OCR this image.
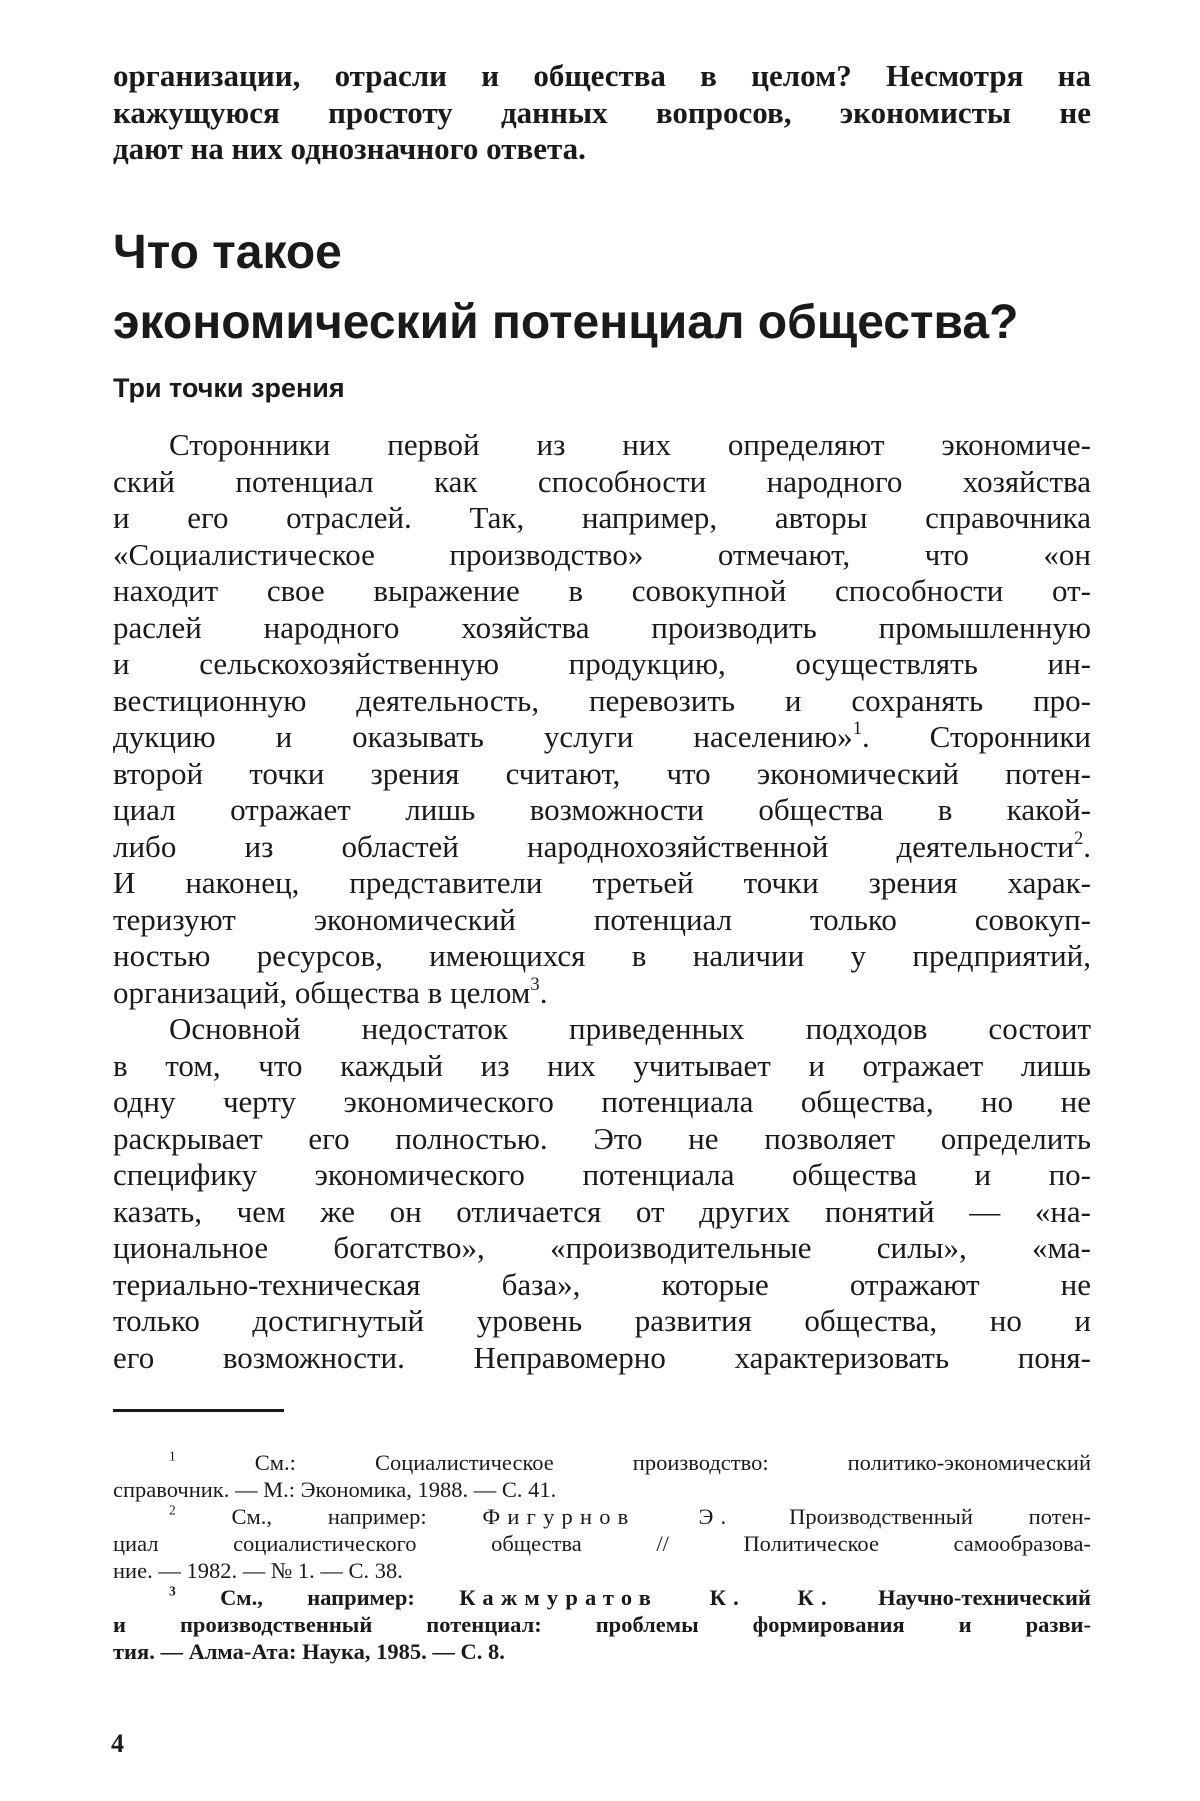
организации, отрасли и общества в целом? Несмотря на
кажущуюся простоту данных вопросов, экономисты не
дают на них однозначного ответа.
Что такое
экономический потенциал общества?
Три точки зрения
Сторонники первой из них определяют экономиче-
ский потенциал как способности народного хозяйства
и его отраслей. Так, например, авторы справочника
«Социалистическое производство» отмечают, что «он
находит свое выражение в совокупной способности от-
раслей народного хозяйства производить промышленную
и сельскохозяйственную продукцию, осуществлять ин-
вестиционную деятельность, перевозить и сохранять про-
дукцию и оказывать услуги населению»$^1$. Сторонники
второй точки зрения считают, что экономический потен-
циал отражает лишь возможности общества в какой-
либо из областей народнохозяйственной деятельности$^2$.
И наконец, представители третьей точки зрения харак-
теризуют экономический потенциал только совокуп-
ностью ресурсов, имеющихся в наличии у предприятий,
организаций, общества в целом$^3$.
Основной недостаток приведенных подходов состоит
в том, что каждый из них учитывает и отражает лишь
одну черту экономического потенциала общества, но не
раскрывает его полностью. Это не позволяет определить
специфику экономического потенциала общества и по-
казать, чем же он отличается от других понятий — «на-
циональное богатство», «производительные силы», «ма-
териально-техническая база», которые отражают не
только достигнутый уровень развития общества, но и
его возможности. Неправомерно характеризовать поня-
$^1$	См.: Социалистическое производство: политико-экономический
справочник. — М.: Экономика, 1988. — С. 41.
$^2$ См., например: Фигурнов Э. Производственный потен-
циал социалистического общества // Политическое самообразова-
ние. — 1982. — № 1. — С. 38.
$^3$ См., например: Кажмуратов К. К. Научно-технический
и производственный потенциал: проблемы формирования и разви-
тия. — Алма-Ата: Наука, 1985. — С. 8.
4
